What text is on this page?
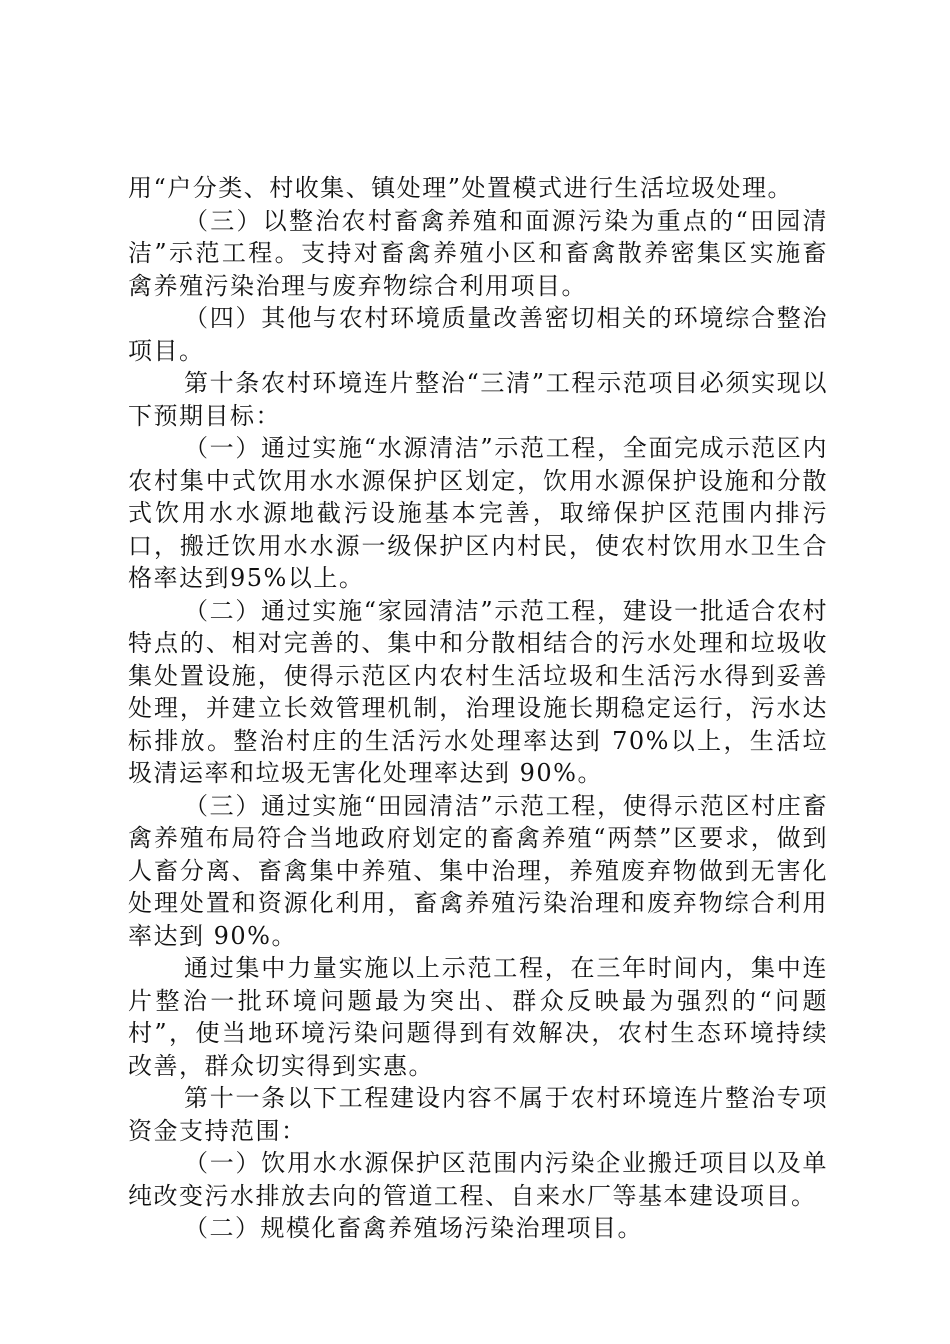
用“户分类、村收集、镇处理”处置模式进行生活垃圾处理。

（三）以整治农村畜禽养殖和面源污染为重点的“田园清洁”示范工程。支持对畜禽养殖小区和畜禽散养密集区实施畜禽养殖污染治理与废弃物综合利用项目。

（四）其他与农村环境质量改善密切相关的环境综合整治项目。

第十条农村环境连片整治“三清”工程示范项目必须实现以下预期目标：

（一）通过实施“水源清洁”示范工程，全面完成示范区内农村集中式饮用水水源保护区划定，饮用水源保护设施和分散式饮用水水源地截污设施基本完善，取缔保护区范围内排污口，搬迁饮用水水源一级保护区内村民，使农村饮用水卫生合格率达到95%以上。

（二）通过实施“家园清洁”示范工程，建设一批适合农村特点的、相对完善的、集中和分散相结合的污水处理和垃圾收集处置设施，使得示范区内农村生活垃圾和生活污水得到妥善处理，并建立长效管理机制，治理设施长期稳定运行，污水达标排放。整治村庄的生活污水处理率达到 70%以上，生活垃圾清运率和垃圾无害化处理率达到 90%。

（三）通过实施“田园清洁”示范工程，使得示范区村庄畜禽养殖布局符合当地政府划定的畜禽养殖“两禁”区要求，做到人畜分离、畜禽集中养殖、集中治理，养殖废弃物做到无害化处理处置和资源化利用，畜禽养殖污染治理和废弃物综合利用率达到 90%。

通过集中力量实施以上示范工程，在三年时间内，集中连片整治一批环境问题最为突出、群众反映最为强烈的“问题村”，使当地环境污染问题得到有效解决，农村生态环境持续改善，群众切实得到实惠。

第十一条以下工程建设内容不属于农村环境连片整治专项资金支持范围：

（一）饮用水水源保护区范围内污染企业搬迁项目以及单纯改变污水排放去向的管道工程、自来水厂等基本建设项目。

（二）规模化畜禽养殖场污染治理项目。
